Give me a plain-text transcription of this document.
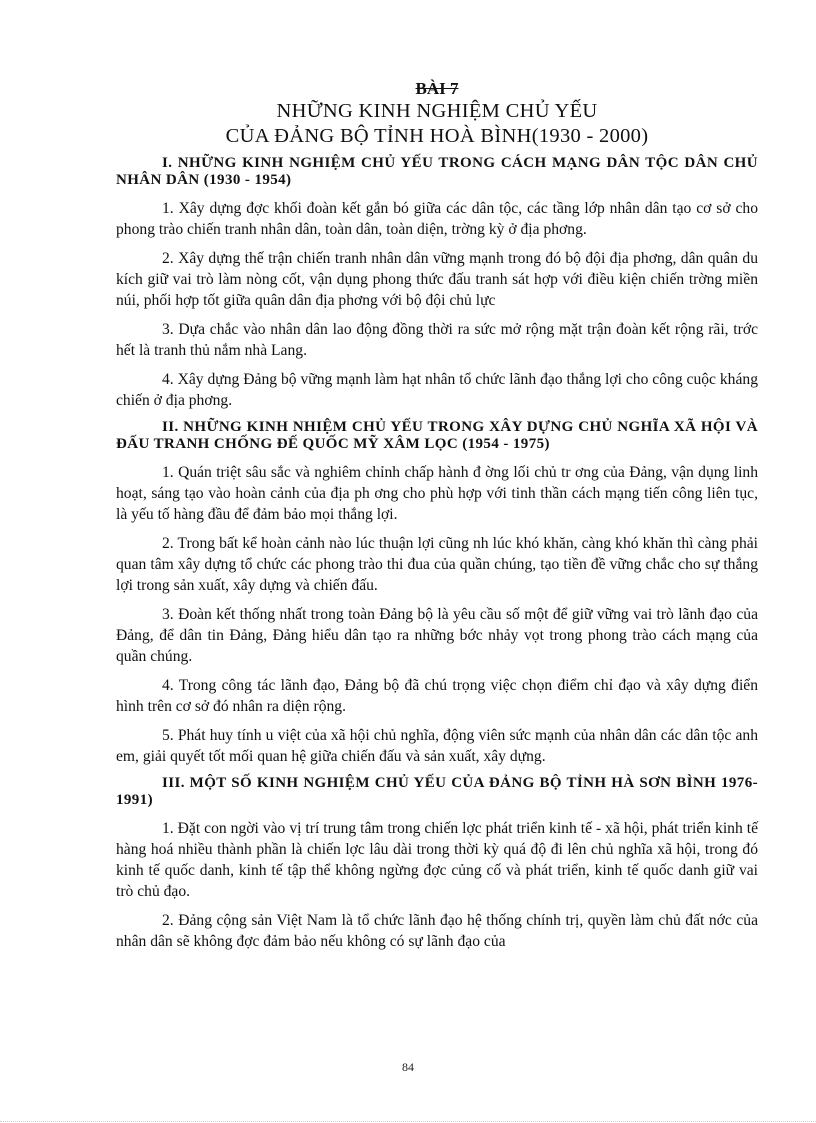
BÀI 7
NHỮNG KINH NGHIỆM CHỦ YẾU
CỦA ĐẢNG BỘ TỈNH HOÀ BÌNH(1930 - 2000)
I. NHỮNG KINH NGHIỆM CHỦ YẾU TRONG CÁCH MẠNG DÂN TỘC DÂN CHỦ NHÂN DÂN (1930 - 1954)

1. Xây dựng đợc khối đoàn kết gắn bó giữa các dân tộc, các tầng lớp nhân dân tạo cơ sở cho phong trào chiến tranh nhân dân, toàn dân, toàn diện, trờng kỳ ở địa phơng.

2. Xây dựng thế trận chiến tranh nhân dân vững mạnh trong đó bộ đội địa phơng, dân quân du kích giữ vai trò làm nòng cốt, vận dụng phong thức đấu tranh sát hợp với điều kiện chiến trờng miền núi, phối hợp tốt giữa quân dân địa phơng với bộ đội chủ lực

3. Dựa chắc vào nhân dân lao động đồng thời ra sức mở rộng mặt trận đoàn kết rộng rãi, trớc hết là tranh thủ nắm nhà Lang.

4. Xây dựng Đảng bộ vững mạnh làm hạt nhân tổ chức lãnh đạo thắng lợi cho công cuộc kháng chiến ở địa phơng.

II. NHỮNG KINH NHIỆM CHỦ YẾU TRONG XÂY DỰNG CHỦ NGHĨA XÃ HỘI VÀ ĐẤU TRANH CHỐNG ĐẾ QUỐC MỸ XÂM LỌC (1954 - 1975)

1. Quán triệt sâu sắc và nghiêm chỉnh chấp hành đ ờng lối chủ tr ơng của Đảng, vận dụng linh hoạt, sáng tạo vào hoàn cảnh của địa ph ơng cho phù hợp với tinh thần cách mạng tiến công liên tục, là yếu tố hàng đầu để đảm bảo mọi thắng lợi.

2. Trong bất kể hoàn cảnh nào lúc thuận lợi cũng nh lúc khó khăn, càng khó khăn thì càng phải quan tâm xây dựng tổ chức các phong trào thi đua của quần chúng, tạo tiền đề vững chắc cho sự thắng lợi trong sản xuất, xây dựng và chiến đấu.

3. Đoàn kết thống nhất trong toàn Đảng bộ là yêu cầu số một để giữ vững vai trò lãnh đạo của Đảng, để dân tin Đảng, Đảng hiểu dân tạo ra những bớc nhảy vọt trong phong trào cách mạng của quần chúng.

4. Trong công tác lãnh đạo, Đảng bộ đã chú trọng việc chọn điểm chỉ đạo và xây dựng điển hình trên cơ sở đó nhân ra diện rộng.

5. Phát huy tính u việt của xã hội chủ nghĩa, động viên sức mạnh của nhân dân các dân tộc anh em, giải quyết tốt mối quan hệ giữa chiến đấu và sản xuất, xây dựng.

III. MỘT SỐ KINH NGHIỆM CHỦ YẾU CỦA ĐẢNG BỘ TỈNH HÀ SƠN BÌNH 1976-1991)

1. Đặt con ngời vào vị trí trung tâm trong chiến lợc phát triển kinh tế - xã hội, phát triển kinh tế hàng hoá nhiều thành phần là chiến lợc lâu dài trong thời kỳ quá độ đi lên chủ nghĩa xã hội, trong đó kinh tế quốc danh, kinh tế tập thể không ngừng đợc củng cố và phát triển, kinh tế quốc danh giữ vai trò chủ đạo.

2. Đảng cộng sản Việt Nam là tổ chức lãnh đạo hệ thống chính trị, quyền làm chủ đất nớc của nhân dân sẽ không đợc đảm bảo nếu không có sự lãnh đạo của

84
